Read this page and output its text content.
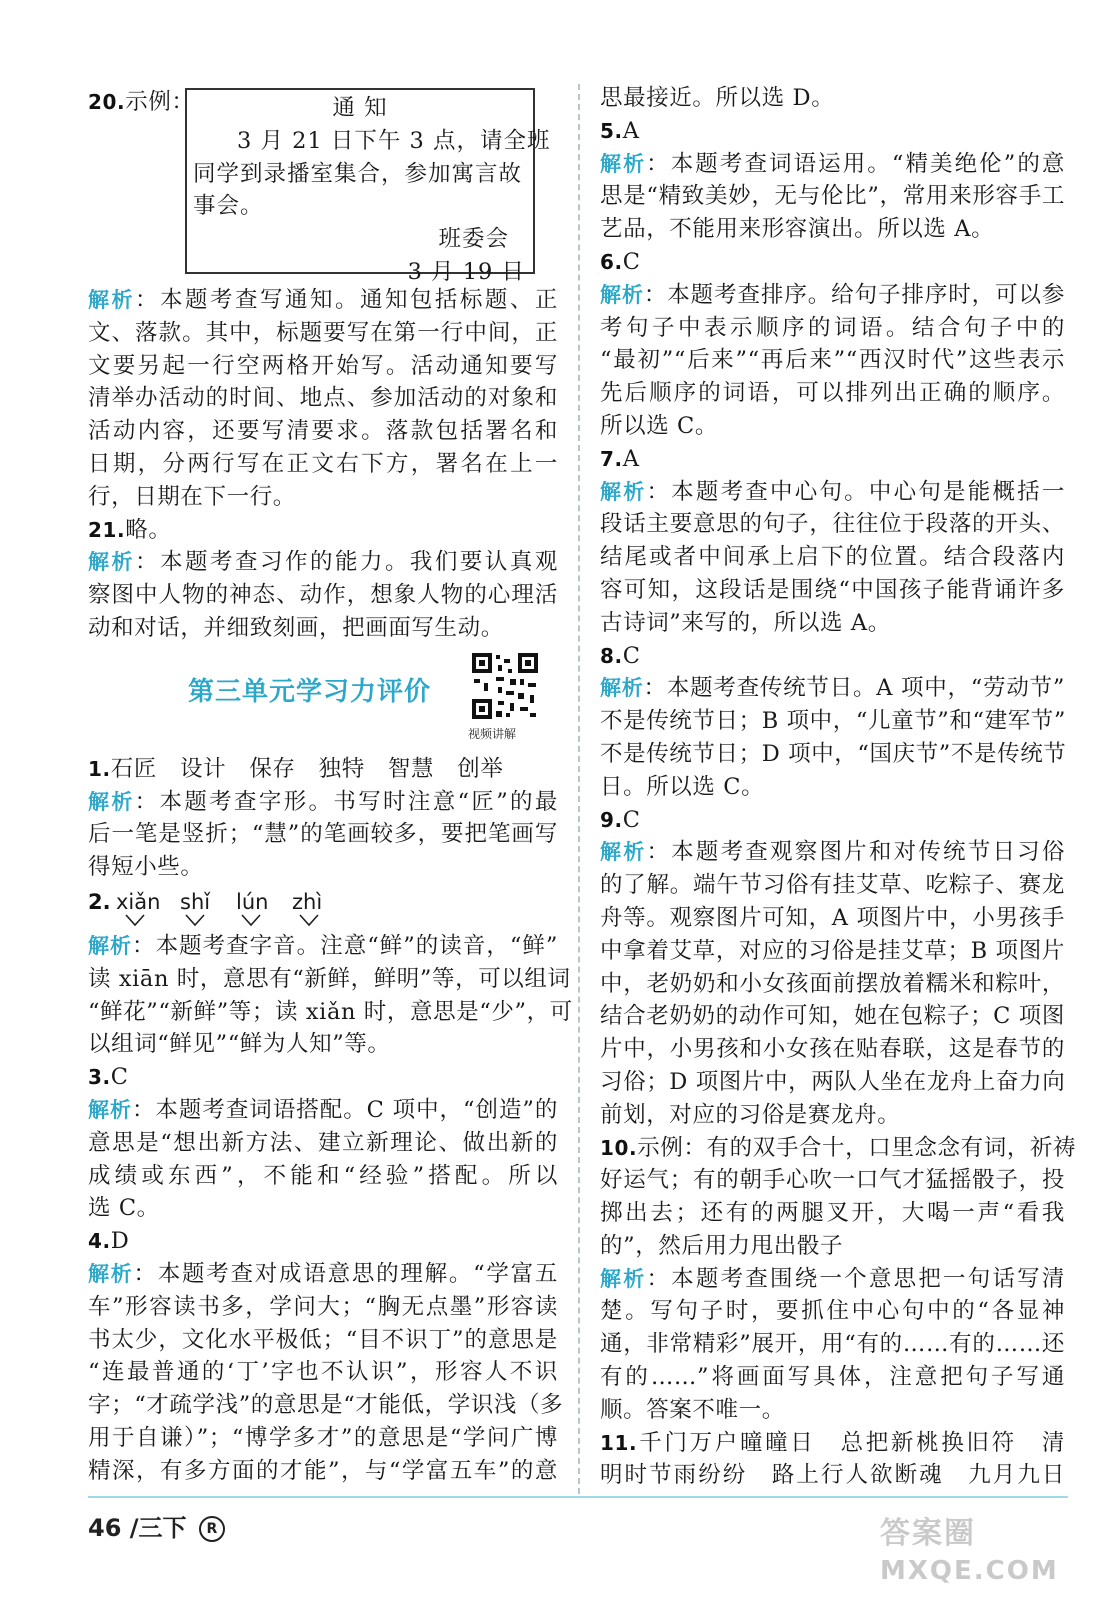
20.示例：	通 知
3 月 21 日下午 3 点，请全班
同学到录播室集合，参加寓言故
事会。
班委会
3 月 19 日
解析：本题考查写通知。通知包括标题、正
文、落款。其中，标题要写在第一行中间，正
文要另起一行空两格开始写。活动通知要写
清举办活动的时间、地点、参加活动的对象和
活动内容，还要写清要求。落款包括署名和
日期，分两行写在正文右下方，署名在上一
行，日期在下一行。
21.略。
解析：本题考查习作的能力。我们要认真观
察图中人物的神态、动作，想象人物的心理活
动和对话，并细致刻画，把画面写生动。
第三单元学习力评价
视频讲解
1.石匠　设计　保存　独特　智慧　创举
解析：本题考查字形。书写时注意“匠”的最
后一笔是竖折；“慧”的笔画较多，要把笔画写
得短小些。
2. xiǎn shǐ lún zhì
解析：本题考查字音。注意“鲜”的读音，“鲜”
读 xiān 时，意思有“新鲜，鲜明”等，可以组词
“鲜花”“新鲜”等；读 xiǎn 时，意思是“少”，可
以组词“鲜见”“鲜为人知”等。
3.C
解析：本题考查词语搭配。C 项中，“创造”的
意思是“想出新方法、建立新理论、做出新的
成绩或东西”，不能和“经验”搭配。所以
选 C。
4.D
解析：本题考查对成语意思的理解。“学富五
车”形容读书多，学问大；“胸无点墨”形容读
书太少，文化水平极低；“目不识丁”的意思是
“连最普通的‘丁’字也不认识”，形容人不识
字；“才疏学浅”的意思是“才能低，学识浅（多
用于自谦）”；“博学多才”的意思是“学问广博
精深，有多方面的才能”，与“学富五车”的意
思最接近。所以选 D。
5.A
解析：本题考查词语运用。“精美绝伦”的意
思是“精致美妙，无与伦比”，常用来形容手工
艺品，不能用来形容演出。所以选 A。
6.C
解析：本题考查排序。给句子排序时，可以参
考句子中表示顺序的词语。结合句子中的
“最初”“后来”“再后来”“西汉时代”这些表示
先后顺序的词语，可以排列出正确的顺序。
所以选 C。
7.A
解析：本题考查中心句。中心句是能概括一
段话主要意思的句子，往往位于段落的开头、
结尾或者中间承上启下的位置。结合段落内
容可知，这段话是围绕“中国孩子能背诵许多
古诗词”来写的，所以选 A。
8.C
解析：本题考查传统节日。A 项中，“劳动节”
不是传统节日；B 项中，“儿童节”和“建军节”
不是传统节日；D 项中，“国庆节”不是传统节
日。所以选 C。
9.C
解析：本题考查观察图片和对传统节日习俗
的了解。端午节习俗有挂艾草、吃粽子、赛龙
舟等。观察图片可知，A 项图片中，小男孩手
中拿着艾草，对应的习俗是挂艾草；B 项图片
中，老奶奶和小女孩面前摆放着糯米和粽叶，
结合老奶奶的动作可知，她在包粽子；C 项图
片中，小男孩和小女孩在贴春联，这是春节的
习俗；D 项图片中，两队人坐在龙舟上奋力向
前划，对应的习俗是赛龙舟。
10.示例：有的双手合十，口里念念有词，祈祷
好运气；有的朝手心吹一口气才猛摇骰子，投
掷出去；还有的两腿叉开，大喝一声“看我
的”，然后用力甩出骰子
解析：本题考查围绕一个意思把一句话写清
楚。写句子时，要抓住中心句中的“各显神
通，非常精彩”展开，用“有的……有的……还
有的……”将画面写具体，注意把句子写通
顺。答案不唯一。
11.千门万户曈曈日　总把新桃换旧符　清
明时节雨纷纷　路上行人欲断魂　九月九日
46 /三下 R	答案圈
MXQE.COM
